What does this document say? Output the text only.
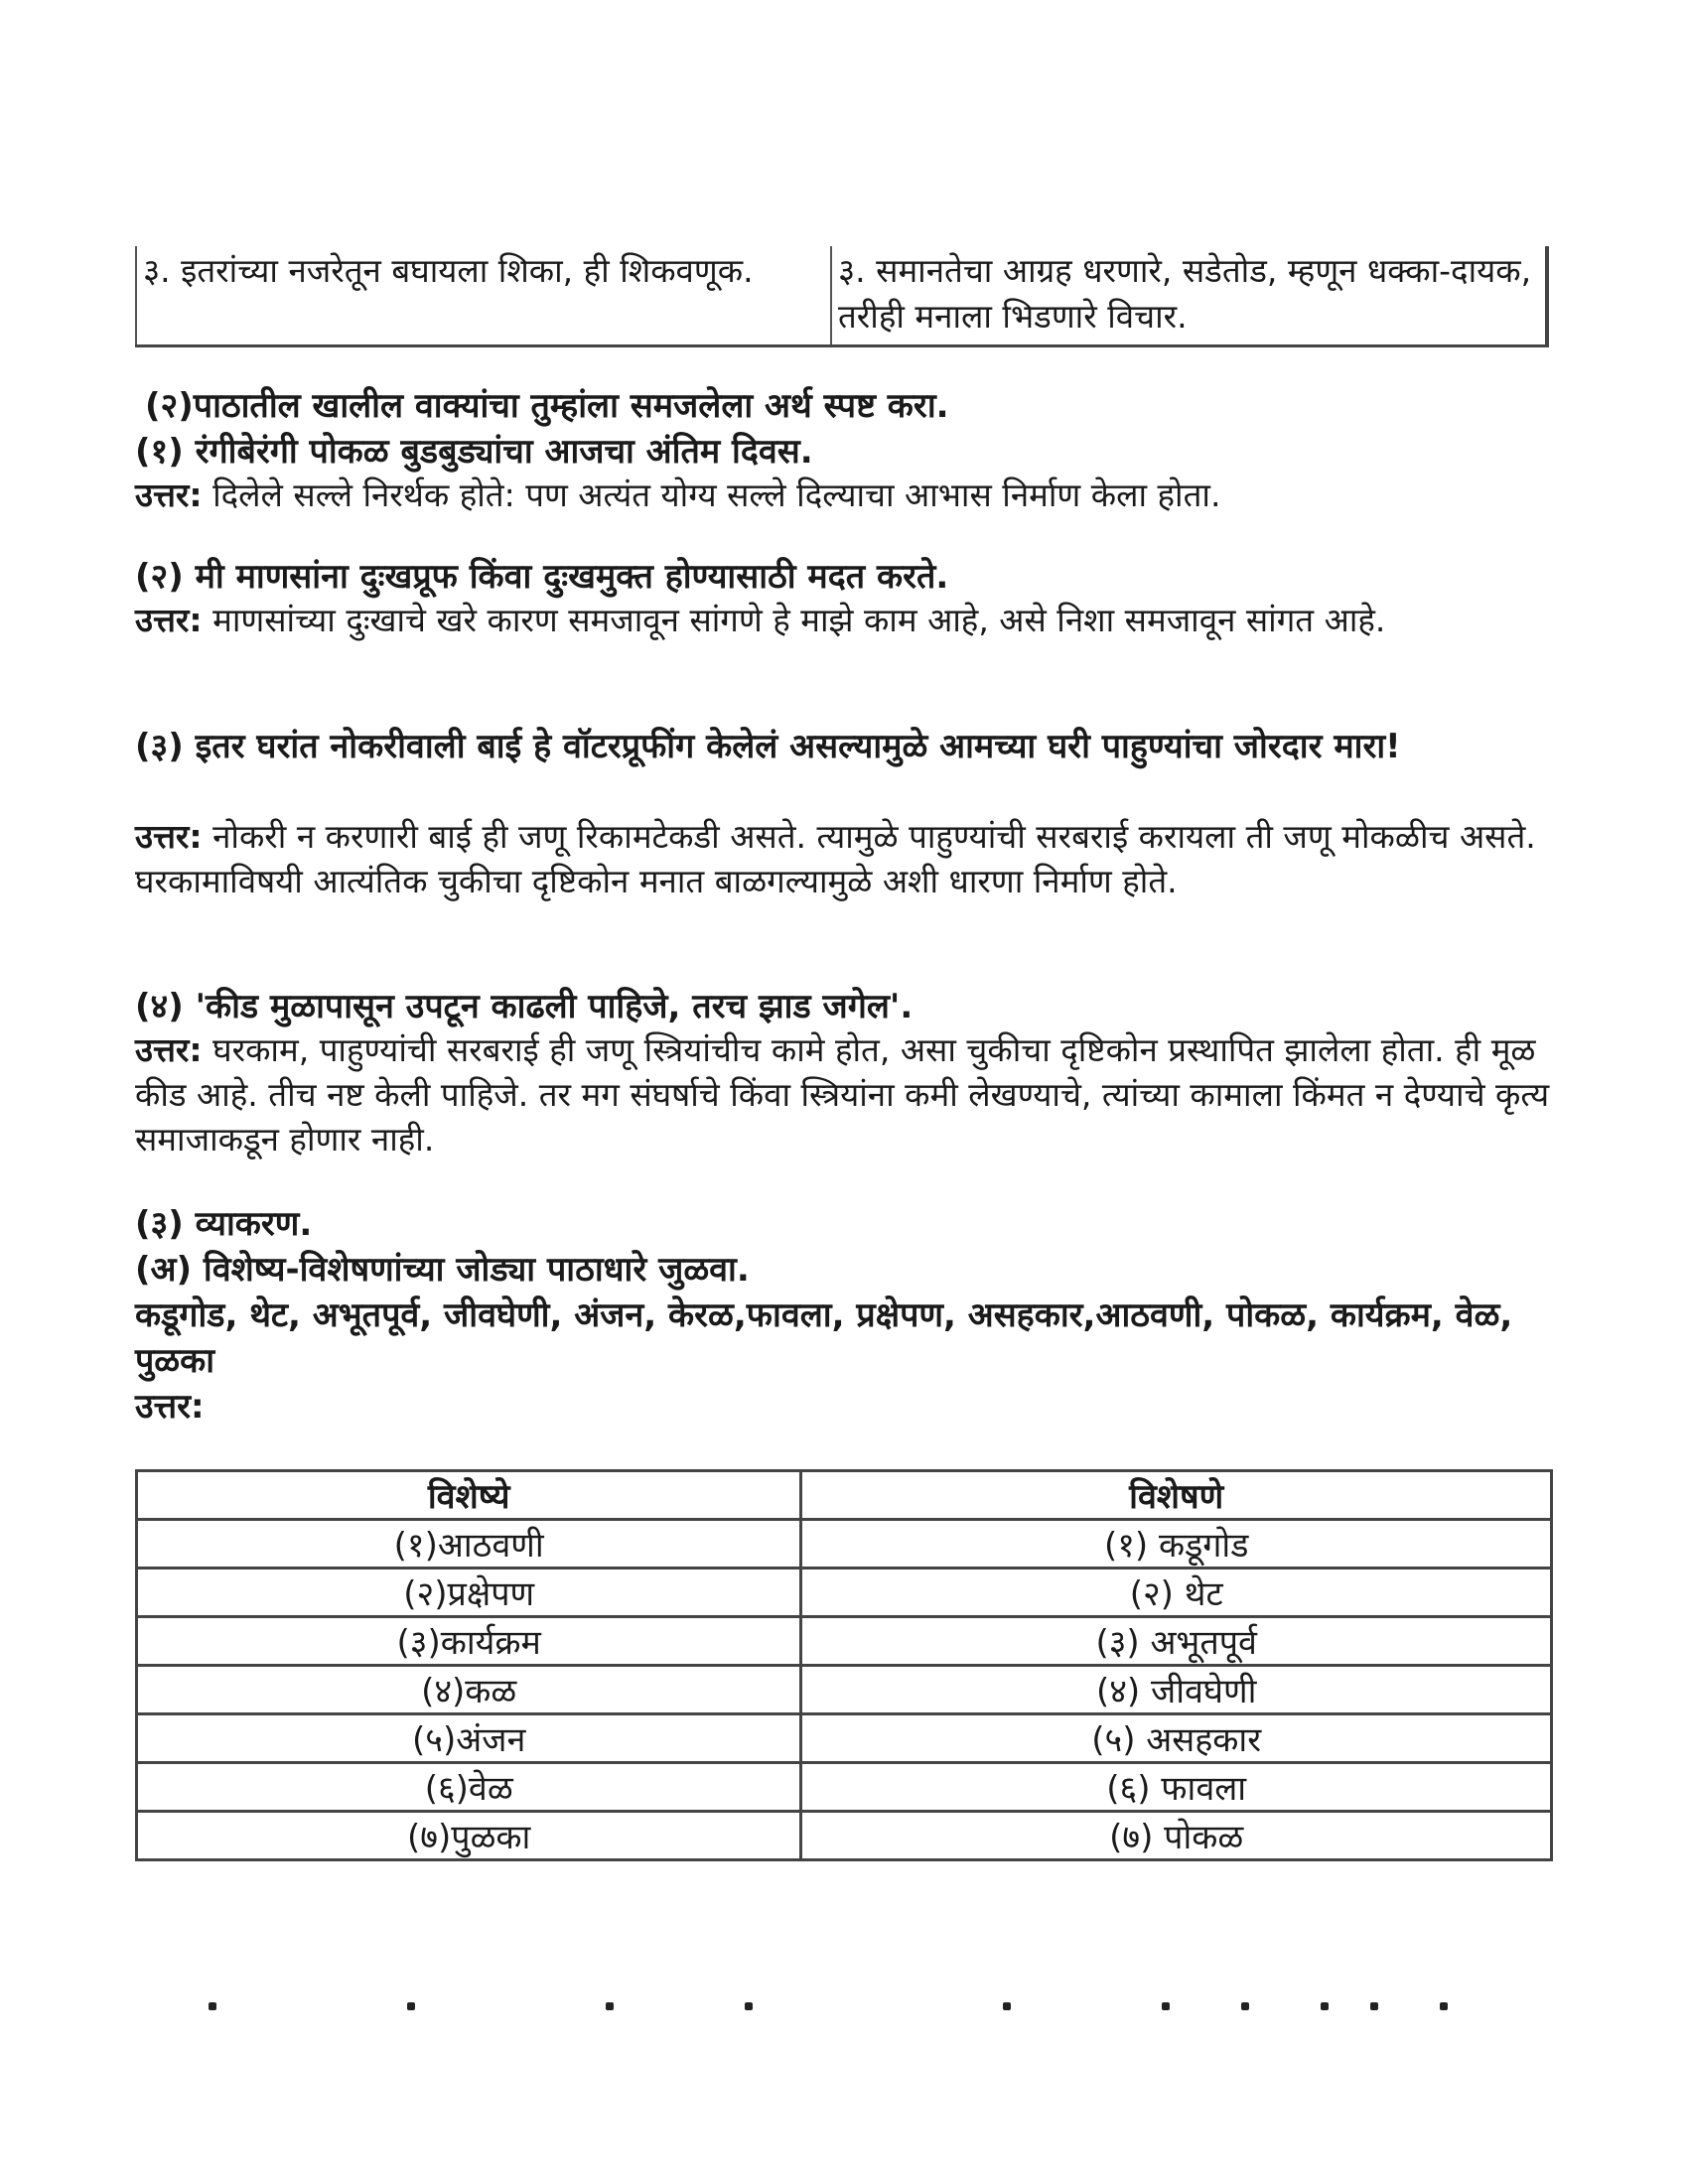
३. इतरांच्या नजरेतून बघायला शिका, ही शिकवणूक.	३. समानतेचा आग्रह धरणारे, सडेतोड, म्हणून धक्का-दायक, तरीही मनाला भिडणारे विचार.

(२)पाठातील खालील वाक्यांचा तुम्हांला समजलेला अर्थ स्पष्ट करा.

(१) रंगीबेरंगी पोकळ बुडबुड्यांचा आजचा अंतिम दिवस.

उत्तर: दिलेले सल्ले निरर्थक होते: पण अत्यंत योग्य सल्ले दिल्याचा आभास निर्माण केला होता.

(२) मी माणसांना दुःखप्रूफ किंवा दुःखमुक्त होण्यासाठी मदत करते.

उत्तर: माणसांच्या दुःखाचे खरे कारण समजावून सांगणे हे माझे काम आहे, असे निशा समजावून सांगत आहे.

(३) इतर घरांत नोकरीवाली बाई हे वॉटरप्रूफींग केलेलं असल्यामुळे आमच्या घरी पाहुण्यांचा जोरदार मारा!

उत्तर: नोकरी न करणारी बाई ही जणू रिकामटेकडी असते. त्यामुळे पाहुण्यांची सरबराई करायला ती जणू मोकळीच असते. घरकामाविषयी आत्यंतिक चुकीचा दृष्टिकोन मनात बाळगल्यामुळे अशी धारणा निर्माण होते.

(४) 'कीड मुळापासून उपटून काढली पाहिजे, तरच झाड जगेल'.

उत्तर: घरकाम, पाहुण्यांची सरबराई ही जणू स्त्रियांचीच कामे होत, असा चुकीचा दृष्टिकोन प्रस्थापित झालेला होता. ही मूळ कीड आहे. तीच नष्ट केली पाहिजे. तर मग संघर्षाचे किंवा स्त्रियांना कमी लेखण्याचे, त्यांच्या कामाला किंमत न देण्याचे कृत्य समाजाकडून होणार नाही.

(३) व्याकरण.

(अ) विशेष्य-विशेषणांच्या जोड्या पाठाधारे जुळवा.

कडूगोड, थेट, अभूतपूर्व, जीवघेणी, अंजन, केरळ,फावला, प्रक्षेपण, असहकार,आठवणी, पोकळ, कार्यक्रम, वेळ, पुळका

उत्तर:

विशेष्ये	विशेषणे
(१)आठवणी	(१) कडूगोड
(२)प्रक्षेपण	(२) थेट
(३)कार्यक्रम	(३) अभूतपूर्व
(४)कळ	(४) जीवघेणी
(५)अंजन	(५) असहकार
(६)वेळ	(६) फावला
(७)पुळका	(७) पोकळ
